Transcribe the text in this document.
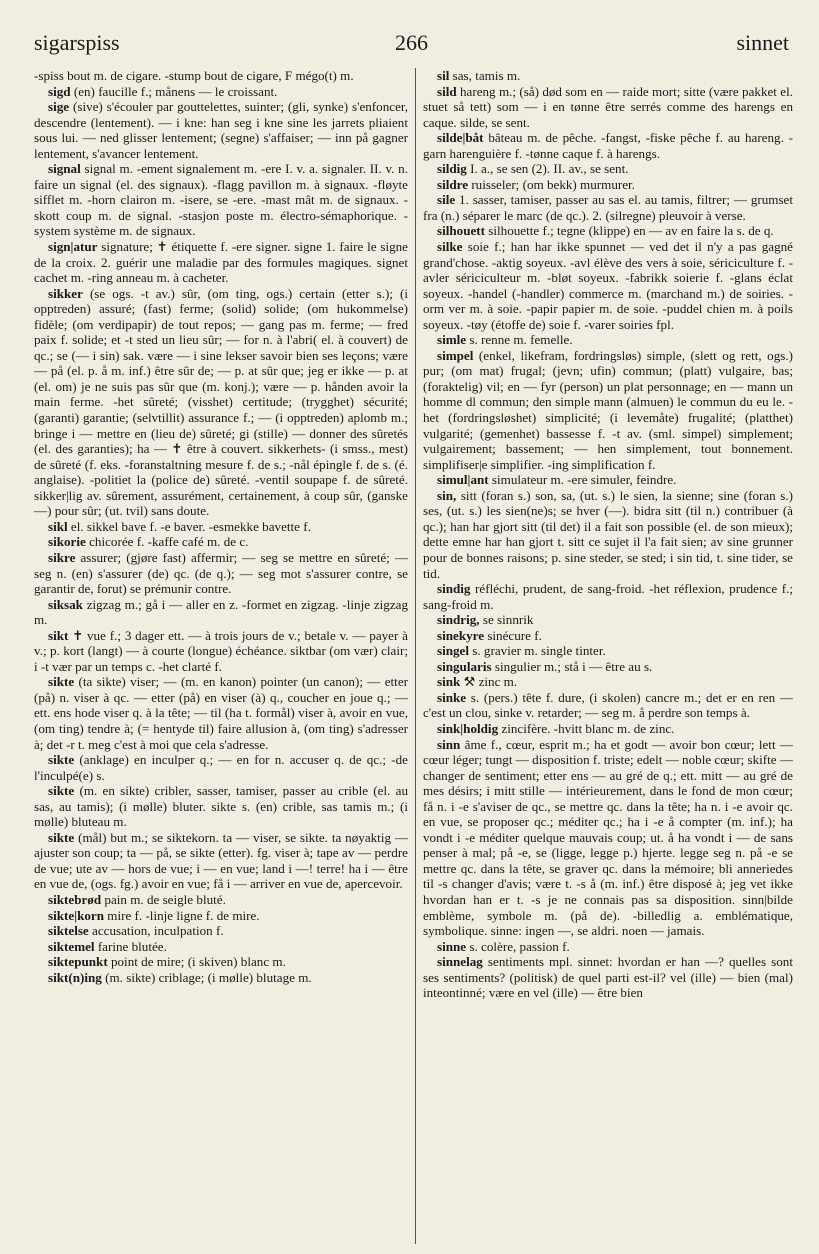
sigarspiss	266	sinnet

-spiss bout m. de cigare. -stump bout de cigare, F mégo(t) m.

sigd (en) faucille f.; månens — le croissant.

sige (sive) s'écouler par gouttelettes, suinter; (gli, synke) s'enfoncer, descendre (lentement). — i kne: han seg i kne sine les jarrets pliaient sous lui. — ned glisser lentement; (segne) s'affaiser; — inn på gagner lentement, s'avancer lentement.

signal signal m. -ement signalement m. -ere I. v. a. signaler. II. v. n. faire un signal (el. des signaux). -flagg pavillon m. à signaux. -fløyte sifflet m. -horn clairon m. -isere, se -ere. -mast mât m. de signaux. -skott coup m. de signal. -stasjon poste m. électro-sémaphorique. -system système m. de signaux.

sign|atur signature; ✝ étiquette f. -ere signer. signe 1. faire le signe de la croix. 2. guérir une maladie par des formules magiques. signet cachet m. -ring anneau m. à cacheter.

sikker (se ogs. -t av.) sûr, (om ting, ogs.) certain (etter s.); (i opptreden) assuré; (fast) ferme; (solid) solide; (om hukommelse) fidèle; (om verdipapir) de tout repos; — gang pas m. ferme; — fred paix f. solide; et -t sted un lieu sûr; — for n. à l'abri( el. à couvert) de qc.; se (— i sin) sak. være — i sine lekser savoir bien ses leçons; være — på (el. p. å m. inf.) être sûr de; — p. at sûr que; jeg er ikke — p. at (el. om) je ne suis pas sûr que (m. konj.); være — p. hånden avoir la main ferme. -het sûreté; (visshet) certitude; (trygghet) sécurité; (garanti) garantie; (selvtillit) assurance f.; — (i opptreden) aplomb m.; bringe i — mettre en (lieu de) sûreté; gi (stille) — donner des sûretés (el. des garanties); ha — ✝ être à couvert. sikkerhets- (i smss., mest) de sûreté (f. eks. -foranstaltning mesure f. de s.; -nål épingle f. de s. (é. anglaise). -politiet la (police de) sûreté. -ventil soupape f. de sûreté. sikker|lig av. sûrement, assurément, certainement, à coup sûr, (ganske —) pour sûr; (ut. tvil) sans doute.

sikl el. sikkel bave f. -e baver. -esmekke bavette f.

sikorie chicorée f. -kaffe café m. de c.

sikre assurer; (gjøre fast) affermir; — seg se mettre en sûreté; — seg n. (en) s'assurer (de) qc. (de q.); — seg mot s'assurer contre, se garantir de, forut) se prémunir contre.

siksak zigzag m.; gå i — aller en z. -formet en zigzag. -linje zigzag m.

sikt ✝ vue f.; 3 dager ett. — à trois jours de v.; betale v. — payer à v.; p. kort (langt) — à courte (longue) échéance. siktbar (om vær) clair; i -t vær par un temps c. -het clarté f.

sikte (ta sikte) viser; — (m. en kanon) pointer (un canon); — etter (på) n. viser à qc. — etter (på) en viser (à) q., coucher en joue q.; — ett. ens hode viser q. à la tête; — til (ha t. formål) viser à, avoir en vue, (om ting) tendre à; (= hentyde til) faire allusion à, (om ting) s'adresser à; det -r t. meg c'est à moi que cela s'adresse.

sikte (anklage) en inculper q.; — en for n. accuser q. de qc.; -de l'inculpé(e) s.

sikte (m. en sikte) cribler, sasser, tamiser, passer au crible (el. au sas, au tamis); (i mølle) bluter. sikte s. (en) crible, sas tamis m.; (i mølle) bluteau m.

sikte (mål) but m.; se siktekorn. ta — viser, se sikte. ta nøyaktig — ajuster son coup; ta — på, se sikte (etter). fg. viser à; tape av — perdre de vue; ute av — hors de vue; i — en vue; land i —! terre! ha i — être en vue de, (ogs. fg.) avoir en vue; få i — arriver en vue de, apercevoir.

siktebrød pain m. de seigle bluté.

sikte|korn mire f. -linje ligne f. de mire.

siktelse accusation, inculpation f.

siktemel farine blutée.

siktepunkt point de mire; (i skiven) blanc m.

sikt(n)ing (m. sikte) criblage; (i mølle) blutage m.

sil sas, tamis m.

sild hareng m.; (så) død som en — raide mort; sitte (være pakket el. stuet så tett) som — i en tønne être serrés comme des harengs en caque. silde, se sent.

silde|båt bâteau m. de pêche. -fangst, -fiske pêche f. au hareng. -garn harenguière f. -tønne caque f. à harengs.

sildig I. a., se sen (2). II. av., se sent.

sildre ruisseler; (om bekk) murmurer.

sile 1. sasser, tamiser, passer au sas el. au tamis, filtrer; — grumset fra (n.) séparer le marc (de qc.). 2. (silregne) pleuvoir à verse.

silhouett silhouette f.; tegne (klippe) en — av en faire la s. de q.

silke soie f.; han har ikke spunnet — ved det il n'y a pas gagné grand'chose. -aktig soyeux. -avl élève des vers à soie, sériciculture f. -avler sériciculteur m. -bløt soyeux. -fabrikk soierie f. -glans éclat soyeux. -handel (-handler) commerce m. (marchand m.) de soiries. -orm ver m. à soie. -papir papier m. de soie. -puddel chien m. à poils soyeux. -tøy (étoffe de) soie f. -varer soiries fpl.

simle s. renne m. femelle.

simpel (enkel, likefram, fordringsløs) simple, (slett og rett, ogs.) pur; (om mat) frugal; (jevn; ufin) commun; (platt) vulgaire, bas; (foraktelig) vil; en — fyr (person) un plat personnage; en — mann un homme dl commun; den simple mann (almuen) le commun du eu le. -het (fordringsløshet) simplicité; (i levemåte) frugalité; (platthet) vulgarité; (gemenhet) bassesse f. -t av. (sml. simpel) simplement; vulgairement; bassement; — hen simplement, tout bonnement. simplifiser|e simplifier. -ing simplification f.

simul|ant simulateur m. -ere simuler, feindre.

sin, sitt (foran s.) son, sa, (ut. s.) le sien, la sienne; sine (foran s.) ses, (ut. s.) les sien(ne)s; se hver (—). bidra sitt (til n.) contribuer (à qc.); han har gjort sitt (til det) il a fait son possible (el. de son mieux); dette emne har han gjort t. sitt ce sujet il l'a fait sien; av sine grunner pour de bonnes raisons; p. sine steder, se sted; i sin tid, t. sine tider, se tid.

sindig réfléchi, prudent, de sang-froid. -het réflexion, prudence f.; sang-froid m.

sindrig, se sinnrik

sinekyre sinécure f.

singel s. gravier m. single tinter.

singularis singulier m.; stå i — être au s.

sink ⚒ zinc m.

sinke s. (pers.) tête f. dure, (i skolen) cancre m.; det er en ren — c'est un clou, sinke v. retarder; — seg m. å perdre son temps à.

sink|holdig zincifère. -hvitt blanc m. de zinc.

sinn âme f., cœur, esprit m.; ha et godt — avoir bon cœur; lett — cœur léger; tungt — disposition f. triste; edelt — noble cœur; skifte — changer de sentiment; etter ens — au gré de q.; ett. mitt — au gré de mes désirs; i mitt stille — intérieurement, dans le fond de mon cœur; få n. i -e s'aviser de qc., se mettre qc. dans la tête; ha n. i -e avoir qc. en vue, se proposer qc.; méditer qc.; ha i -e å compter (m. inf.); ha vondt i -e méditer quelque mauvais coup; ut. å ha vondt i — de sans penser à mal; på -e, se (ligge, legge p.) hjerte. legge seg n. på -e se mettre qc. dans la tête, se graver qc. dans la mémoire; bli anneriedes til -s changer d'avis; være t. -s å (m. inf.) être disposé à; jeg vet ikke hvordan han er t. -s je ne connais pas sa disposition. sinn|bilde emblème, symbole m. (på de). -billedlig a. emblématique, symbolique. sinne: ingen —, se aldri. noen — jamais.

sinne s. colère, passion f.

sinnelag sentiments mpl. sinnet: hvordan er han —? quelles sont ses sentiments? (politisk) de quel parti est-il? vel (ille) — bien (mal) inteontinné; være en vel (ille) — être bien
